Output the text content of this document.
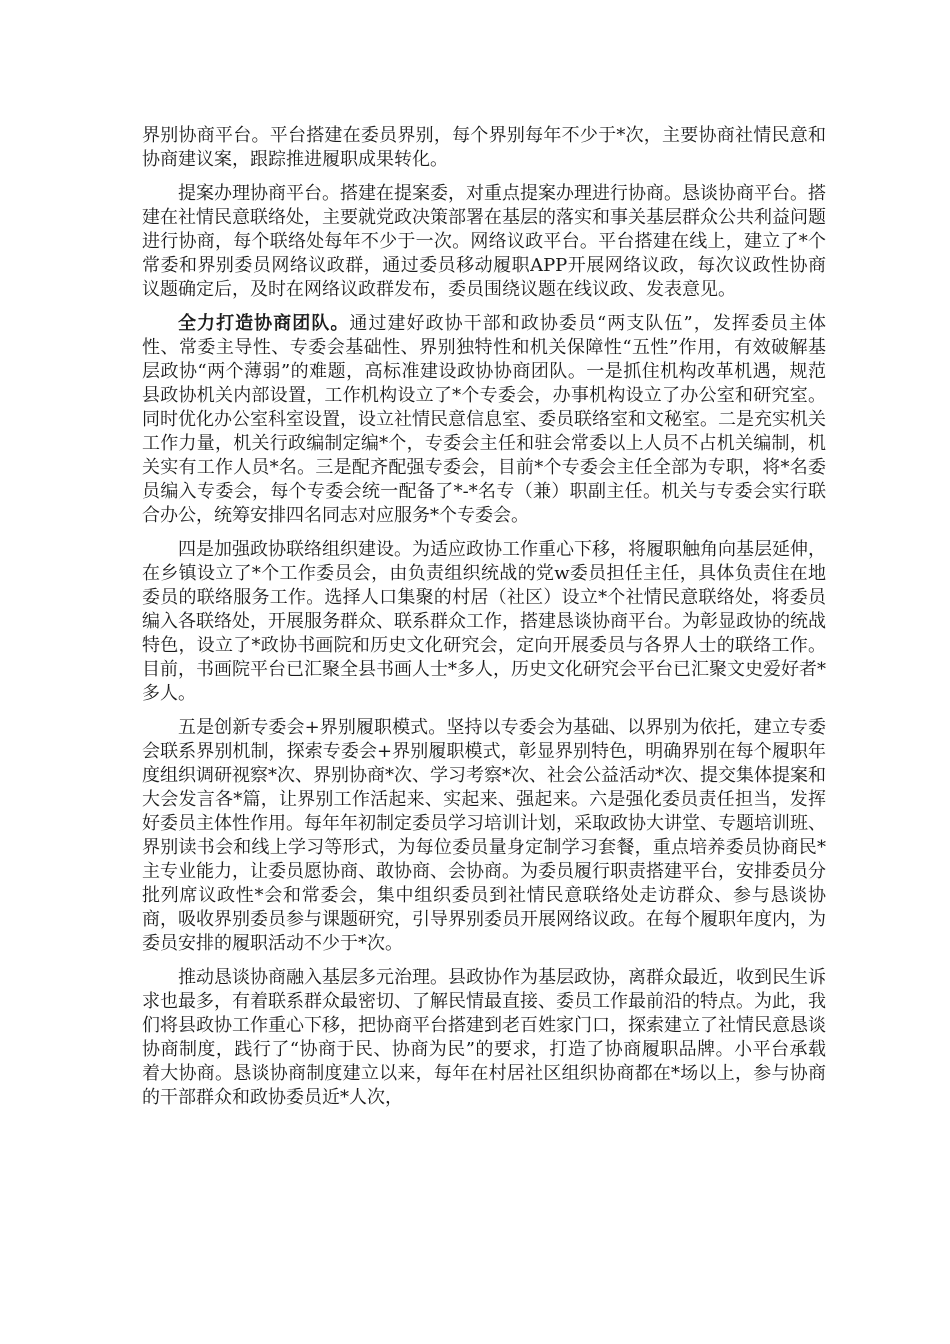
界别协商平台。平台搭建在委员界别，每个界别每年不少于*次，主要协商社情民意和协商建议案，跟踪推进履职成果转化。

提案办理协商平台。搭建在提案委，对重点提案办理进行协商。恳谈协商平台。搭建在社情民意联络处，主要就党政决策部署在基层的落实和事关基层群众公共利益问题进行协商，每个联络处每年不少于一次。网络议政平台。平台搭建在线上，建立了*个常委和界别委员网络议政群，通过委员移动履职APP开展网络议政，每次议政性协商议题确定后，及时在网络议政群发布，委员围绕议题在线议政、发表意见。

全力打造协商团队。通过建好政协干部和政协委员“两支队伍”，发挥委员主体性、常委主导性、专委会基础性、界别独特性和机关保障性“五性”作用，有效破解基层政协“两个薄弱”的难题，高标准建设政协协商团队。一是抓住机构改革机遇，规范县政协机关内部设置，工作机构设立了*个专委会，办事机构设立了办公室和研究室。同时优化办公室科室设置，设立社情民意信息室、委员联络室和文秘室。二是充实机关工作力量，机关行政编制定编*个，专委会主任和驻会常委以上人员不占机关编制，机关实有工作人员*名。三是配齐配强专委会，目前*个专委会主任全部为专职，将*名委员编入专委会，每个专委会统一配备了*-*名专（兼）职副主任。机关与专委会实行联合办公，统筹安排四名同志对应服务*个专委会。

四是加强政协联络组织建设。为适应政协工作重心下移，将履职触角向基层延伸，在乡镇设立了*个工作委员会，由负责组织统战的党w委员担任主任，具体负责住在地委员的联络服务工作。选择人口集聚的村居（社区）设立*个社情民意联络处，将委员编入各联络处，开展服务群众、联系群众工作，搭建恳谈协商平台。为彰显政协的统战特色，设立了*政协书画院和历史文化研究会，定向开展委员与各界人士的联络工作。目前，书画院平台已汇聚全县书画人士*多人，历史文化研究会平台已汇聚文史爱好者*多人。

五是创新专委会+界别履职模式。坚持以专委会为基础、以界别为依托，建立专委会联系界别机制，探索专委会+界别履职模式，彰显界别特色，明确界别在每个履职年度组织调研视察*次、界别协商*次、学习考察*次、社会公益活动*次、提交集体提案和大会发言各*篇，让界别工作活起来、实起来、强起来。六是强化委员责任担当，发挥好委员主体性作用。每年年初制定委员学习培训计划，采取政协大讲堂、专题培训班、界别读书会和线上学习等形式，为每位委员量身定制学习套餐，重点培养委员协商民*主专业能力，让委员愿协商、敢协商、会协商。为委员履行职责搭建平台，安排委员分批列席议政性*会和常委会，集中组织委员到社情民意联络处走访群众、参与恳谈协商，吸收界别委员参与课题研究，引导界别委员开展网络议政。在每个履职年度内，为委员安排的履职活动不少于*次。

推动恳谈协商融入基层多元治理。县政协作为基层政协，离群众最近，收到民生诉求也最多，有着联系群众最密切、了解民情最直接、委员工作最前沿的特点。为此，我们将县政协工作重心下移，把协商平台搭建到老百姓家门口，探索建立了社情民意恳谈协商制度，践行了“协商于民、协商为民”的要求，打造了协商履职品牌。小平台承载着大协商。恳谈协商制度建立以来，每年在村居社区组织协商都在*场以上，参与协商的干部群众和政协委员近*人次，
